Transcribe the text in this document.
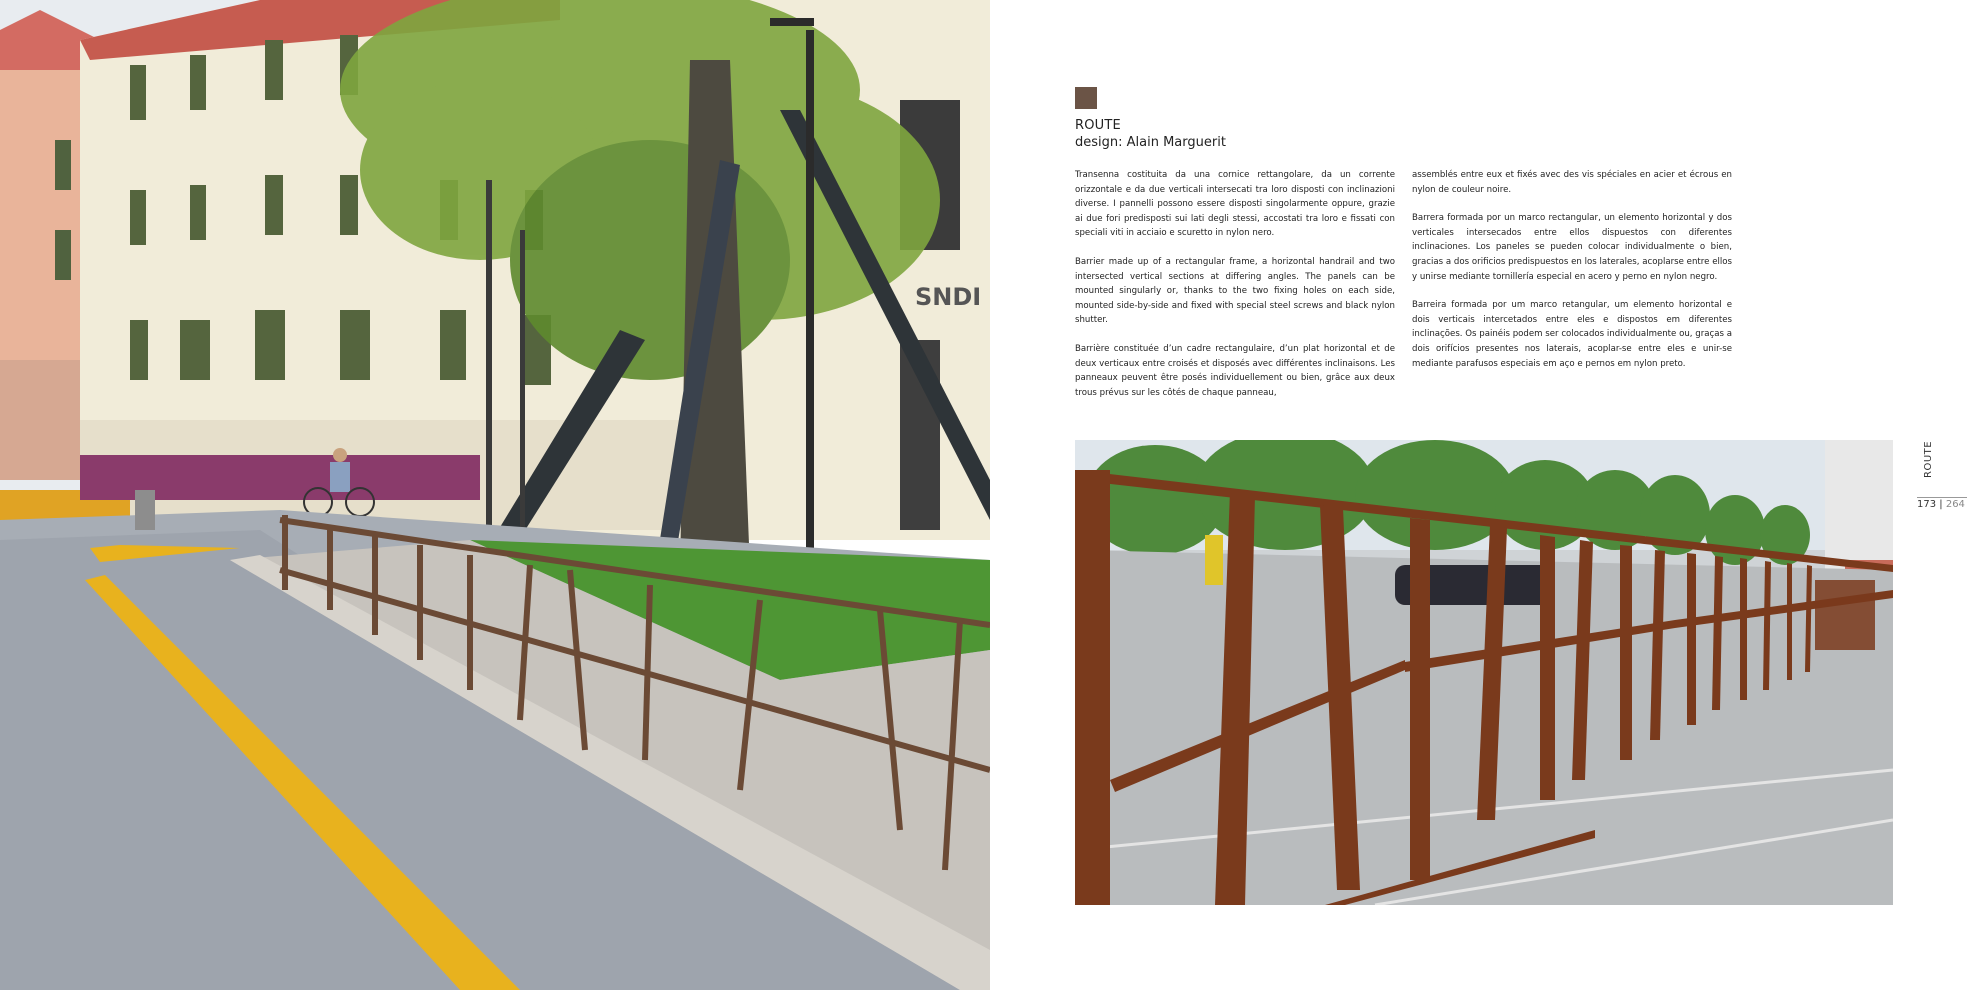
SNDI
ROUTE
design: Alain Marguerit

Transenna costituita da una cornice rettangolare, da un corrente orizzontale e da due verticali intersecati tra loro disposti con inclinazioni diverse. I pannelli possono essere disposti singolarmente oppure, grazie ai due fori predisposti sui lati degli stessi, accostati tra loro e fissati con speciali viti in acciaio e scuretto in nylon nero.

Barrier made up of a rectangular frame, a horizontal handrail and two intersected vertical sections at differing angles. The panels can be mounted singularly or, thanks to the two fixing holes on each side, mounted side-by-side and fixed with special steel screws and black nylon shutter.

Barrière constituée d’un cadre rectangulaire, d’un plat horizontal et de deux verticaux entre croisés et disposés avec différentes inclinaisons. Les panneaux peuvent être posés individuellement ou bien, grâce aux deux trous prévus sur les côtés de chaque panneau,

assemblés entre eux et fixés avec des vis spéciales en acier et écrous en nylon de couleur noire.

Barrera formada por un marco rectangular, un elemento horizontal y dos verticales intersecados entre ellos dispuestos con diferentes inclinaciones. Los paneles se pueden colocar individualmente o bien, gracias a dos orificios predispuestos en los laterales, acoplarse entre ellos y unirse mediante tornillería especial en acero y perno en nylon negro.

Barreira formada por um marco retangular, um elemento horizontal e dois verticais intercetados entre eles e dispostos em diferentes inclinações. Os painéis podem ser colocados individualmente ou, graças a dois orifícios presentes nos laterais, acoplar-se entre eles e unir-se mediante parafusos especiais em aço e pernos em nylon preto.

ROUTE
173 | 264
